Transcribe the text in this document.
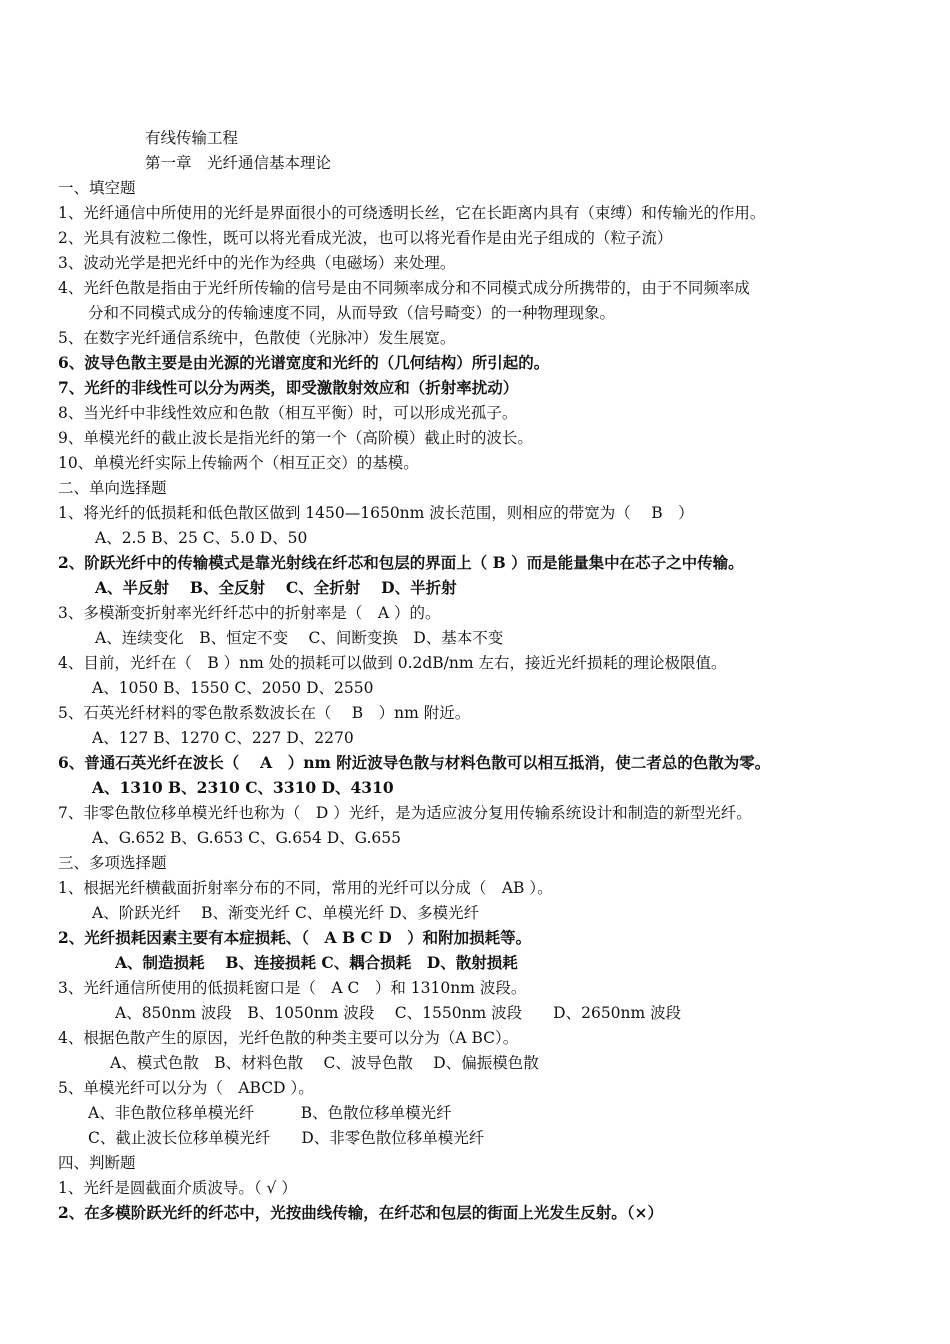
有线传输工程
第一章　光纤通信基本理论
一、填空题
1、光纤通信中所使用的光纤是界面很小的可绕透明长丝，它在长距离内具有（束缚）和传输光的作用。
2、光具有波粒二像性，既可以将光看成光波，也可以将光看作是由光子组成的（粒子流）
3、波动光学是把光纤中的光作为经典（电磁场）来处理。
4、光纤色散是指由于光纤所传输的信号是由不同频率成分和不同模式成分所携带的，由于不同频率成
分和不同模式成分的传输速度不同，从而导致（信号畸变）的一种物理现象。
5、在数字光纤通信系统中，色散使（光脉冲）发生展宽。
6、波导色散主要是由光源的光谱宽度和光纤的（几何结构）所引起的。
7、光纤的非线性可以分为两类，即受激散射效应和（折射率扰动）
8、当光纤中非线性效应和色散（相互平衡）时，可以形成光孤子。
9、单模光纤的截止波长是指光纤的第一个（高阶模）截止时的波长。
10、单模光纤实际上传输两个（相互正交）的基模。
二、单向选择题
1、将光纤的低损耗和低色散区做到 1450—1650nm 波长范围，则相应的带宽为（　 B　）
A、2.5 B、25 C、5.0 D、50
2、阶跃光纤中的传输模式是靠光射线在纤芯和包层的界面上（ B ）而是能量集中在芯子之中传输。
A、半反射　 B、全反射　 C、全折射　 D、半折射
3、多模渐变折射率光纤纤芯中的折射率是（　A ）的。
A、连续变化　B、恒定不变　 C、间断变换　D、基本不变
4、目前，光纤在（　B ）nm 处的损耗可以做到 0.2dB/nm 左右，接近光纤损耗的理论极限值。
A、1050 B、1550 C、2050 D、2550
5、石英光纤材料的零色散系数波长在（　 B　）nm 附近。
A、127 B、1270 C、227 D、2270
6、普通石英光纤在波长（　 A　）nm 附近波导色散与材料色散可以相互抵消，使二者总的色散为零。
A、1310 B、2310 C、3310 D、4310
7、非零色散位移单模光纤也称为（　D ）光纤，是为适应波分复用传输系统设计和制造的新型光纤。
A、G.652 B、G.653 C、G.654 D、G.655
三、多项选择题
1、根据光纤横截面折射率分布的不同，常用的光纤可以分成（　AB ）。
A、阶跃光纤　 B、渐变光纤 C、单模光纤 D、多模光纤
2、光纤损耗因素主要有本症损耗、（　A B C D　）和附加损耗等。
A、制造损耗　 B、连接损耗 C、耦合损耗　D、散射损耗
3、光纤通信所使用的低损耗窗口是（　A C　）和 1310nm 波段。
A、850nm 波段　B、1050nm 波段　 C、1550nm 波段　　D、2650nm 波段
4、根据色散产生的原因，光纤色散的种类主要可以分为（A BC）。
A、模式色散　B、材料色散　 C、波导色散　 D、偏振模色散
5、单模光纤可以分为（　ABCD ）。
A、非色散位移单模光纤　　　B、色散位移单模光纤
C、截止波长位移单模光纤　　D、非零色散位移单模光纤
四、判断题
1、光纤是圆截面介质波导。（ √ ）
2、在多模阶跃光纤的纤芯中，光按曲线传输，在纤芯和包层的街面上光发生反射。（×）
